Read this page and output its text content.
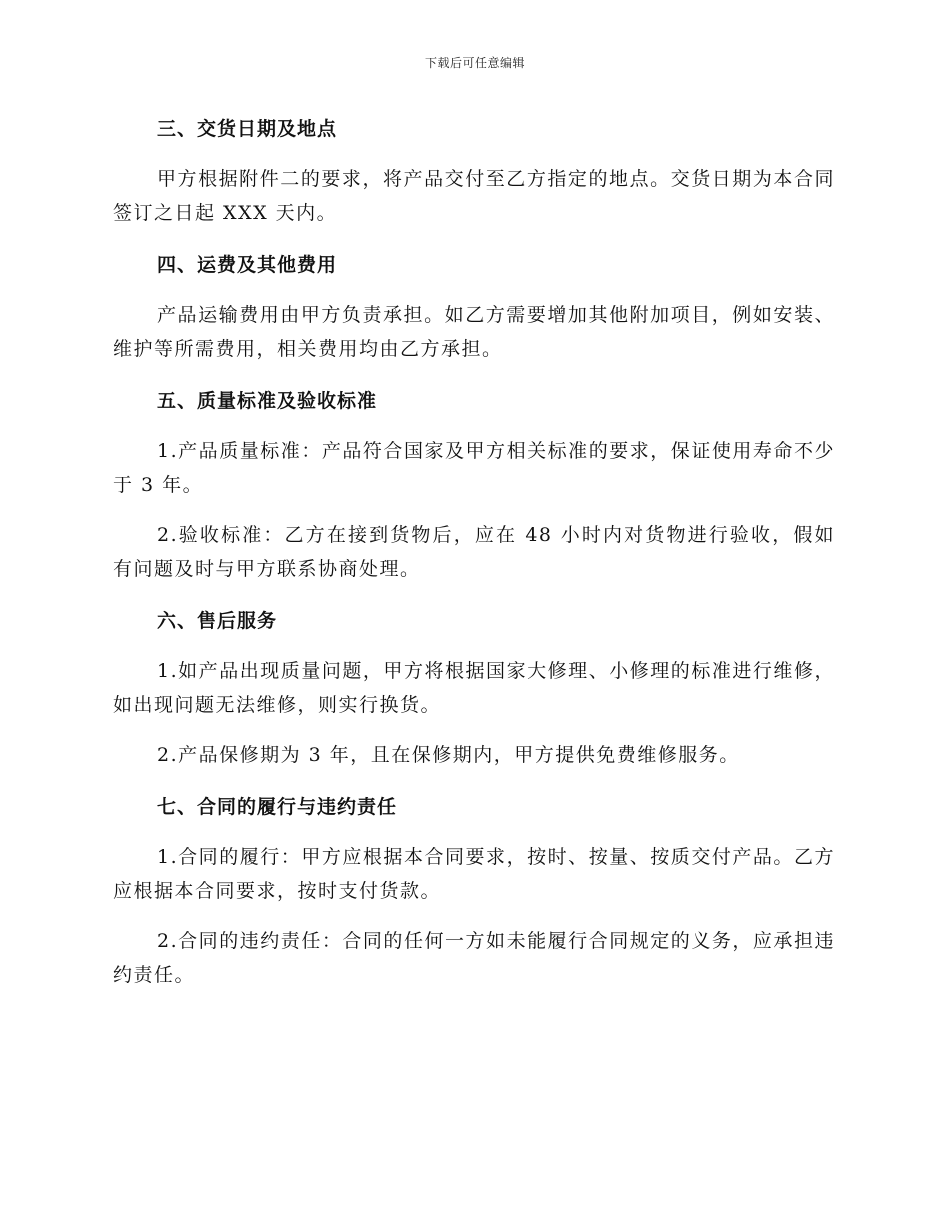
下载后可任意编辑
三、交货日期及地点

甲方根据附件二的要求，将产品交付至乙方指定的地点。交货日期为本合同签订之日起 XXX 天内。

四、运费及其他费用

产品运输费用由甲方负责承担。如乙方需要增加其他附加项目，例如安装、维护等所需费用，相关费用均由乙方承担。

五、质量标准及验收标准

1.产品质量标准：产品符合国家及甲方相关标准的要求，保证使用寿命不少于 3 年。

2.验收标准：乙方在接到货物后，应在 48 小时内对货物进行验收，假如有问题及时与甲方联系协商处理。

六、售后服务

1.如产品出现质量问题，甲方将根据国家大修理、小修理的标准进行维修，如出现问题无法维修，则实行换货。

2.产品保修期为 3 年，且在保修期内，甲方提供免费维修服务。

七、合同的履行与违约责任

1.合同的履行：甲方应根据本合同要求，按时、按量、按质交付产品。乙方应根据本合同要求，按时支付货款。

2.合同的违约责任：合同的任何一方如未能履行合同规定的义务，应承担违约责任。
